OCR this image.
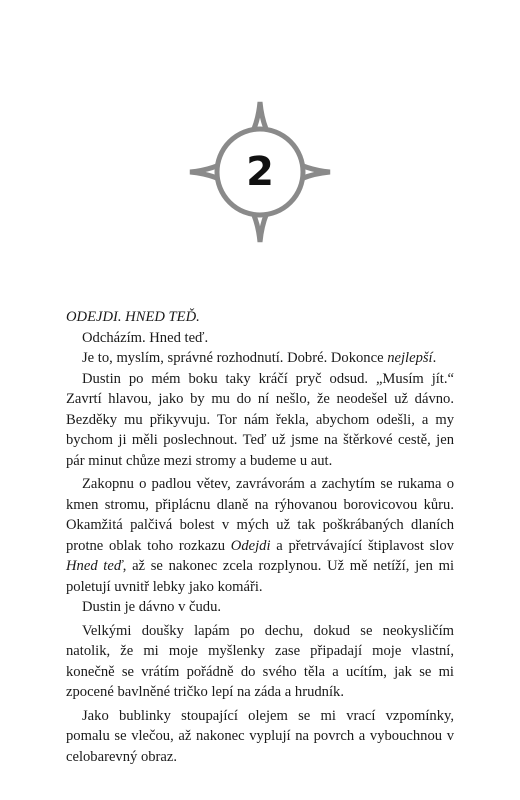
2

ODEJDI. HNED TEĎ.

Odcházím. Hned teď.

Je to, myslím, správné rozhodnutí. Dobré. Dokonce nejlepší.

Dustin po mém boku taky kráčí pryč odsud. „Musím jít.“ Zavrtí hlavou, jako by mu do ní nešlo, že neodešel už dávno. Bezděky mu přikyvuju. Tor nám řekla, abychom odešli, a my bychom ji měli poslechnout. Teď už jsme na štěrkové cestě, jen pár minut chůze mezi stromy a budeme u aut.

Zakopnu o padlou větev, zavrávorám a zachytím se rukama o kmen stromu, připlácnu dlaně na rýhovanou borovicovou kůru. Okamžitá palčivá bolest v mých už tak poškrábaných dlaních protne oblak toho rozkazu Odejdi a přetrvávající štiplavost slov Hned teď, až se nakonec zcela rozplynou. Už mě netíží, jen mi poletují uvnitř lebky jako komáři.

Dustin je dávno v čudu.

Velkými doušky lapám po dechu, dokud se neokysličím natolik, že mi moje myšlenky zase připadají moje vlastní, konečně se vrátím pořádně do svého těla a ucítím, jak se mi zpocené bavlněné tričko lepí na záda a hrudník.

Jako bublinky stoupající olejem se mi vrací vzpomínky, pomalu se vlečou, až nakonec vyplují na povrch a vybouchnou v celobarevný obraz.
